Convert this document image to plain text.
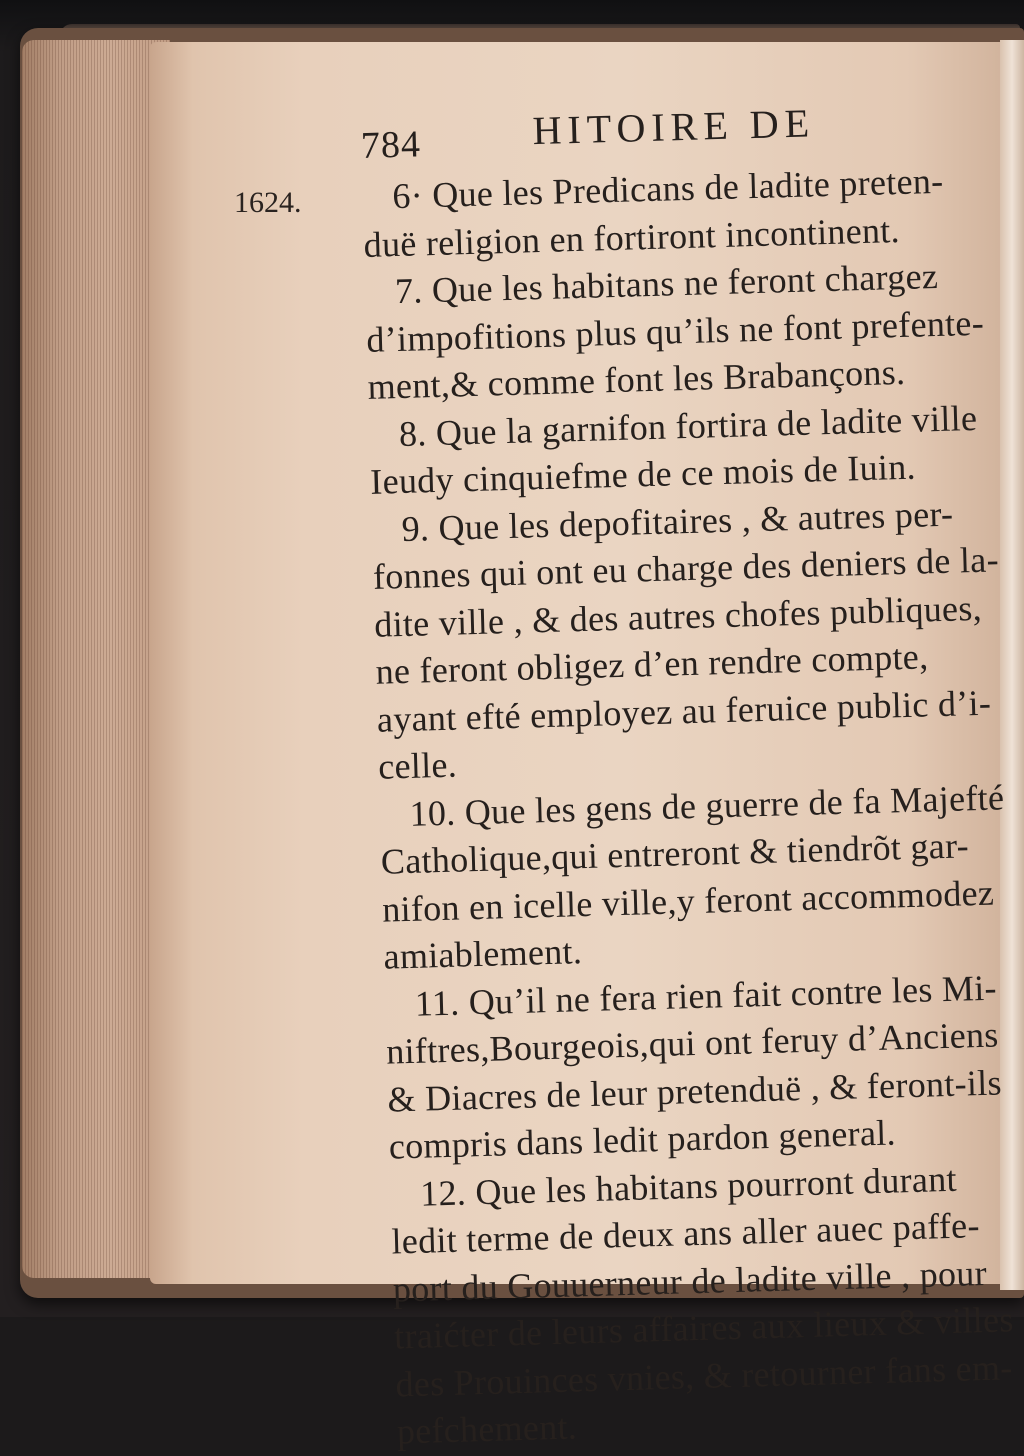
1624.
784	HITOIRE DE
6· Que les Predicans de ladite preten-
duë religion en fortiront incontinent.
7. Que les habitans ne feront chargez
d’impofitions plus qu’ils ne font prefente-
ment,& comme font les Brabançons.
8. Que la garnifon fortira de ladite ville
Ieudy cinquiefme de ce mois de Iuin.
9. Que les depofitaires , & autres per-
fonnes qui ont eu charge des deniers de la-
dite ville , & des autres chofes publiques,
ne feront obligez d’en rendre compte,
ayant efté employez au feruice public d’i-
celle.
10. Que les gens de guerre de fa Majefté
Catholique,qui entreront & tiendrõt gar-
nifon en icelle ville,y feront accommodez
amiablement.
11. Qu’il ne fera rien fait contre les Mi-
niftres,Bourgeois,qui ont feruy d’Anciens
& Diacres de leur pretenduë , & feront-ils
compris dans ledit pardon general.
12. Que les habitans pourront durant
ledit terme de deux ans aller auec paffe-
port du Gouuerneur de ladite ville , pour
traićter de leurs affaires aux lieux & villes
des Prouinces vnies, & retourner fans em-
pefchement.
